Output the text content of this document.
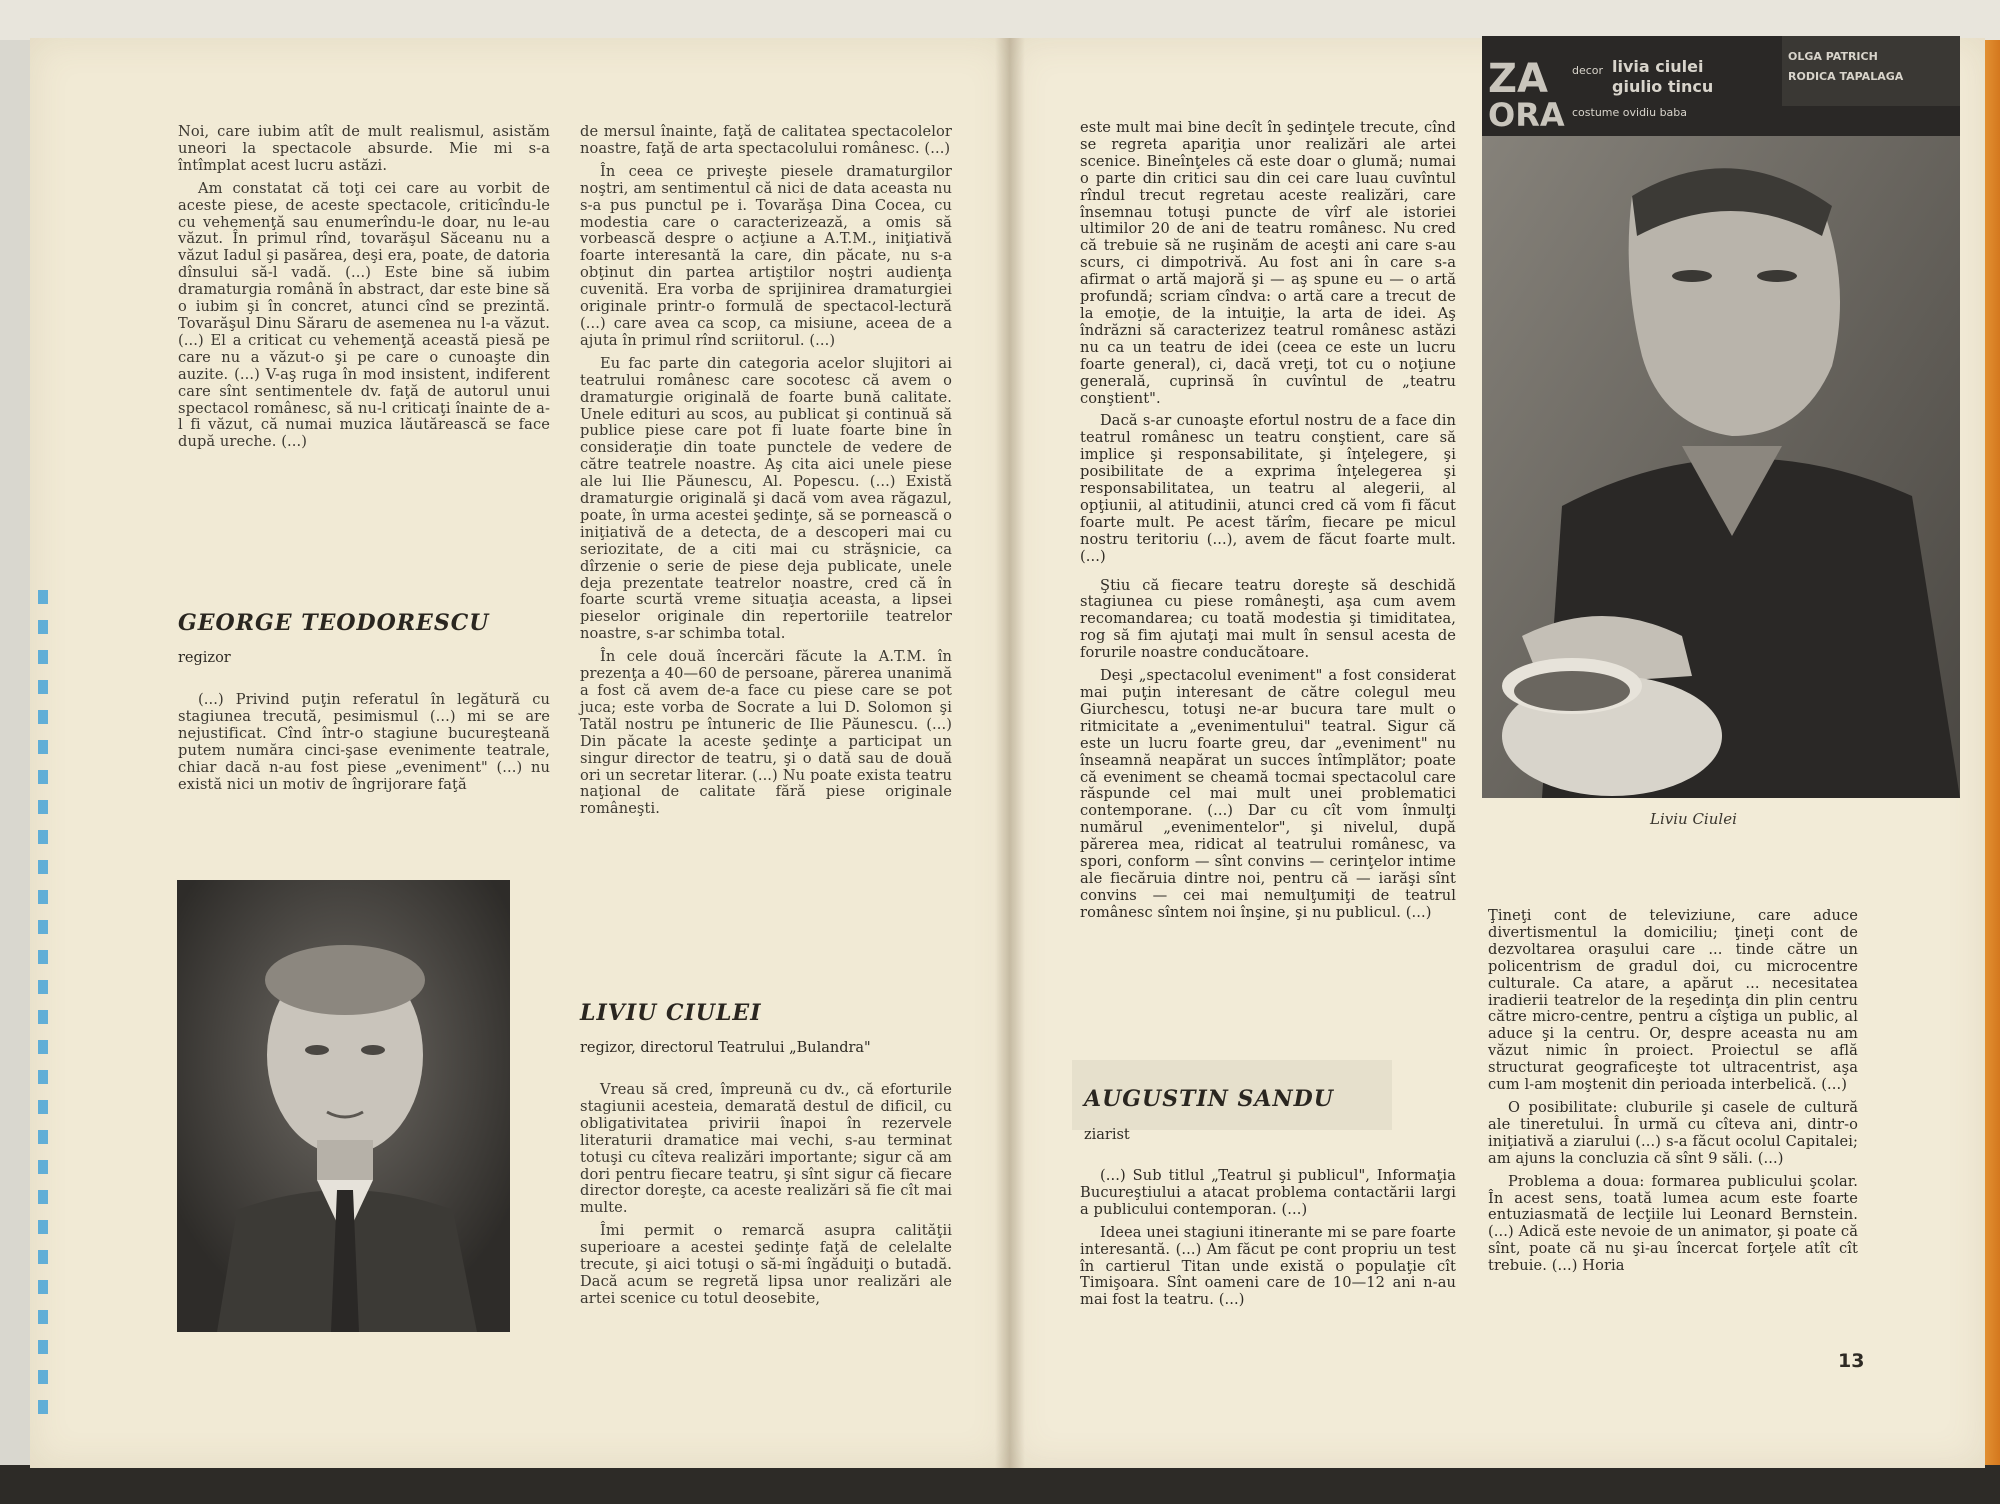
Noi, care iubim atît de mult realismul, asistăm uneori la spectacole absurde. Mie mi s-a întîmplat acest lucru astăzi.

Am constatat că toţi cei care au vorbit de aceste piese, de aceste spectacole, criticîndu-le cu vehemenţă sau enumerîndu-le doar, nu le-au văzut. În primul rînd, tovarăşul Săceanu nu a văzut Iadul şi pasărea, deşi era, poate, de datoria dînsului să-l vadă. (...) Este bine să iubim dramaturgia română în abstract, dar este bine să o iubim şi în concret, atunci cînd se prezintă. Tovarăşul Dinu Săraru de asemenea nu l-a văzut. (...) El a criticat cu vehemenţă această piesă pe care nu a văzut-o şi pe care o cunoaşte din auzite. (...) V-aş ruga în mod insistent, indiferent care sînt sentimentele dv. faţă de autorul unui spectacol românesc, să nu-l criticaţi înainte de a-l fi văzut, că numai muzica lăutărească se face după ureche. (...)

GEORGE TEODORESCU
regizor

(...) Privind puţin referatul în legătură cu stagiunea trecută, pesimismul (...) mi se are nejustificat. Cînd într-o stagiune bucureşteană putem număra cinci-şase evenimente teatrale, chiar dacă n-au fost piese „eveniment" (...) nu există nici un motiv de îngrijorare faţă

de mersul înainte, faţă de calitatea spectacolelor noastre, faţă de arta spectacolului românesc. (...)

În ceea ce priveşte piesele dramaturgilor noştri, am sentimentul că nici de data aceasta nu s-a pus punctul pe i. Tovarăşa Dina Cocea, cu modestia care o caracterizează, a omis să vorbească despre o acţiune a A.T.M., iniţiativă foarte interesantă la care, din păcate, nu s-a obţinut din partea artiştilor noştri audienţa cuvenită. Era vorba de sprijinirea dramaturgiei originale printr-o formulă de spectacol-lectură (...) care avea ca scop, ca misiune, aceea de a ajuta în primul rînd scriitorul. (...)

Eu fac parte din categoria acelor slujitori ai teatrului românesc care socotesc că avem o dramaturgie originală de foarte bună calitate. Unele edituri au scos, au publicat şi continuă să publice piese care pot fi luate foarte bine în consideraţie din toate punctele de vedere de către teatrele noastre. Aş cita aici unele piese ale lui Ilie Păunescu, Al. Popescu. (...) Există dramaturgie originală şi dacă vom avea răgazul, poate, în urma acestei şedinţe, să se pornească o iniţiativă de a detecta, de a descoperi mai cu seriozitate, de a citi mai cu străşnicie, ca dîrzenie o serie de piese deja publicate, unele deja prezentate teatrelor noastre, cred că în foarte scurtă vreme situaţia aceasta, a lipsei pieselor originale din repertoriile teatrelor noastre, s-ar schimba total.

În cele două încercări făcute la A.T.M. în prezenţa a 40—60 de persoane, părerea unanimă a fost că avem de-a face cu piese care se pot juca; este vorba de Socrate a lui D. Solomon şi Tatăl nostru pe întuneric de Ilie Păunescu. (...) Din păcate la aceste şedinţe a participat un singur director de teatru, şi o dată sau de două ori un secretar literar. (...) Nu poate exista teatru naţional de calitate fără piese originale româneşti.

LIVIU CIULEI
regizor, directorul Teatrului „Bulandra"

Vreau să cred, împreună cu dv., că eforturile stagiunii acesteia, demarată destul de dificil, cu obligativitatea privirii înapoi în rezervele literaturii dramatice mai vechi, s-au terminat totuşi cu cîteva realizări importante; sigur că am dori pentru fiecare teatru, şi sînt sigur că fiecare director doreşte, ca aceste realizări să fie cît mai multe.

Îmi permit o remarcă asupra calităţii superioare a acestei şedinţe faţă de celelalte trecute, şi aici totuşi o să-mi îngăduiţi o butadă. Dacă acum se regretă lipsa unor realizări ale artei scenice cu totul deosebite,

este mult mai bine decît în şedinţele trecute, cînd se regreta apariţia unor realizări ale artei scenice. Bineînţeles că este doar o glumă; numai o parte din critici sau din cei care luau cuvîntul rîndul trecut regretau aceste realizări, care însemnau totuşi puncte de vîrf ale istoriei ultimilor 20 de ani de teatru românesc. Nu cred că trebuie să ne ruşinăm de aceşti ani care s-au scurs, ci dimpotrivă. Au fost ani în care s-a afirmat o artă majoră şi — aş spune eu — o artă profundă; scriam cîndva: o artă care a trecut de la emoţie, de la intuiţie, la arta de idei. Aş îndrăzni să caracterizez teatrul românesc astăzi nu ca un teatru de idei (ceea ce este un lucru foarte general), ci, dacă vreţi, tot cu o noţiune generală, cuprinsă în cuvîntul de „teatru conştient".

Dacă s-ar cunoaşte efortul nostru de a face din teatrul românesc un teatru conştient, care să implice şi responsabilitate, şi înţelegere, şi posibilitate de a exprima înţelegerea şi responsabilitatea, un teatru al alegerii, al opţiunii, al atitudinii, atunci cred că vom fi făcut foarte mult. Pe acest tărîm, fiecare pe micul nostru teritoriu (...), avem de făcut foarte mult. (...)

Ştiu că fiecare teatru doreşte să deschidă stagiunea cu piese româneşti, aşa cum avem recomandarea; cu toată modestia şi timiditatea, rog să fim ajutaţi mai mult în sensul acesta de forurile noastre conducătoare.

Deşi „spectacolul eveniment" a fost considerat mai puţin interesant de către colegul meu Giurchescu, totuşi ne-ar bucura tare mult o ritmicitate a „evenimentului" teatral. Sigur că este un lucru foarte greu, dar „eveniment" nu înseamnă neapărat un succes întîmplător; poate că eveniment se cheamă tocmai spectacolul care răspunde cel mai mult unei problematici contemporane. (...) Dar cu cît vom înmulţi numărul „evenimentelor", şi nivelul, după părerea mea, ridicat al teatrului românesc, va spori, conform — sînt convins — cerinţelor intime ale fiecăruia dintre noi, pentru că — iarăşi sînt convins — cei mai nemulţumiţi de teatrul românesc sîntem noi înşine, şi nu publicul. (...)

AUGUSTIN SANDU
ziarist

(...) Sub titlul „Teatrul şi publicul", Informaţia Bucureştiului a atacat problema contactării largi a publicului contemporan. (...)

Ideea unei stagiuni itinerante mi se pare foarte interesantă. (...) Am făcut pe cont propriu un test în cartierul Titan unde există o populaţie cît Timişoara. Sînt oameni care de 10—12 ani n-au mai fost la teatru. (...)

ZA
ORA
decor livia ciulei
giulio tincu
costume ovidiu baba
OLGA PATRICH
RODICA TAPALAGA
Liviu Ciulei

Ţineţi cont de televiziune, care aduce divertismentul la domiciliu; ţineţi cont de dezvoltarea oraşului care ... tinde către un policentrism de gradul doi, cu microcentre culturale. Ca atare, a apărut ... necesitatea iradierii teatrelor de la reşedinţa din plin centru către micro-centre, pentru a cîştiga un public, al aduce şi la centru. Or, despre aceasta nu am văzut nimic în proiect. Proiectul se află structurat geograficeşte tot ultracentrist, aşa cum l-am moştenit din perioada interbelică. (...)

O posibilitate: cluburile şi casele de cultură ale tineretului. În urmă cu cîteva ani, dintr-o iniţiativă a ziarului (...) s-a făcut ocolul Capitalei; am ajuns la concluzia că sînt 9 săli. (...)

Problema a doua: formarea publicului şcolar. În acest sens, toată lumea acum este foarte entuziasmată de lecţiile lui Leonard Bernstein. (...) Adică este nevoie de un animator, şi poate că sînt, poate că nu şi-au încercat forţele atît cît trebuie. (...) Horia

13
